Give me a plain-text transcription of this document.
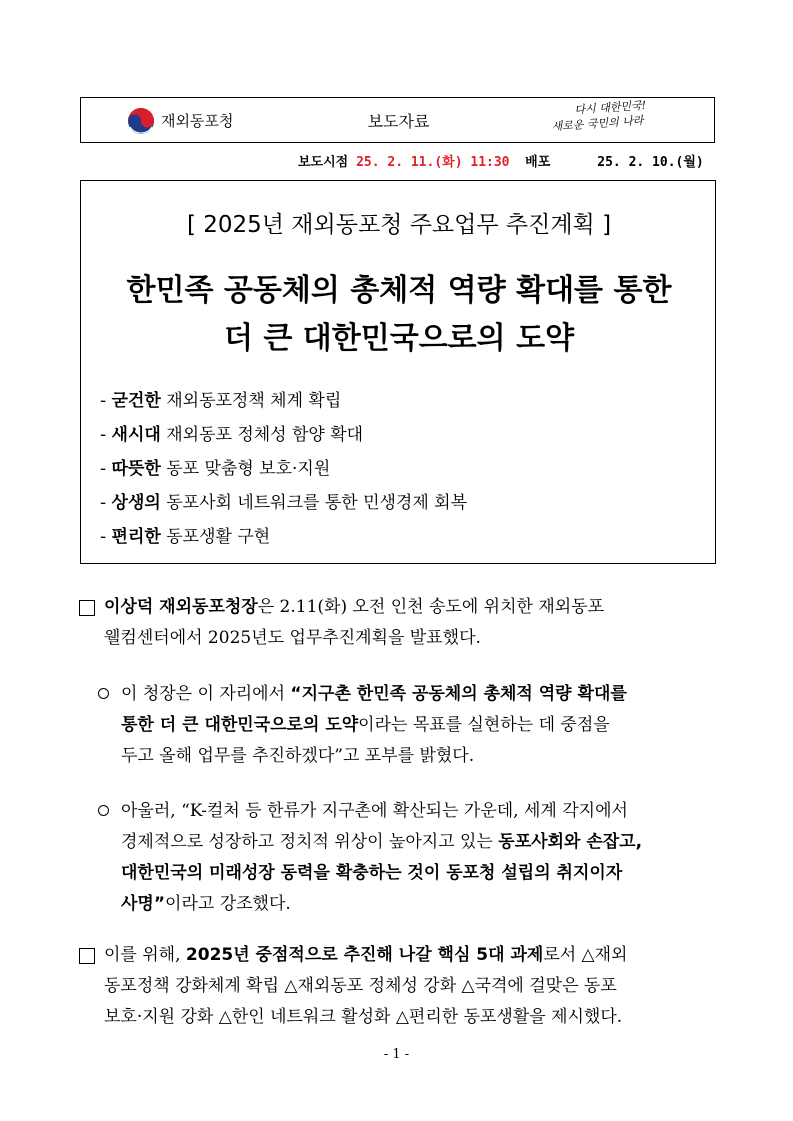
재외동포청	보도자료
다시 대한민국!
새로운 국민의 나라
보도시점 25. 2. 11.(화) 11:30 배포	25. 2. 10.(월)
[ 2025년 재외동포청 주요업무 추진계획 ]
한민족 공동체의 총체적 역량 확대를 통한
더 큰 대한민국으로의 도약
- 굳건한 재외동포정책 체계 확립
- 새시대 재외동포 정체성 함양 확대
- 따뜻한 동포 맞춤형 보호·지원
- 상생의 동포사회 네트워크를 통한 민생경제 회복
- 편리한 동포생활 구현
이상덕 재외동포청장은 2.11(화) 오전 인천 송도에 위치한 재외동포
웰컴센터에서 2025년도 업무추진계획을 발표했다.
이 청장은 이 자리에서 “지구촌 한민족 공동체의 총체적 역량 확대를
통한 더 큰 대한민국으로의 도약이라는 목표를 실현하는 데 중점을
두고 올해 업무를 추진하겠다”고 포부를 밝혔다.
아울러, “K-컬처 등 한류가 지구촌에 확산되는 가운데, 세계 각지에서
경제적으로 성장하고 정치적 위상이 높아지고 있는 동포사회와 손잡고,
대한민국의 미래성장 동력을 확충하는 것이 동포청 설립의 취지이자
사명”이라고 강조했다.
이를 위해, 2025년 중점적으로 추진해 나갈 핵심 5대 과제로서 △재외
동포정책 강화체계 확립 △재외동포 정체성 강화 △국격에 걸맞은 동포
보호·지원 강화 △한인 네트워크 활성화 △편리한 동포생활을 제시했다.
- 1 -
